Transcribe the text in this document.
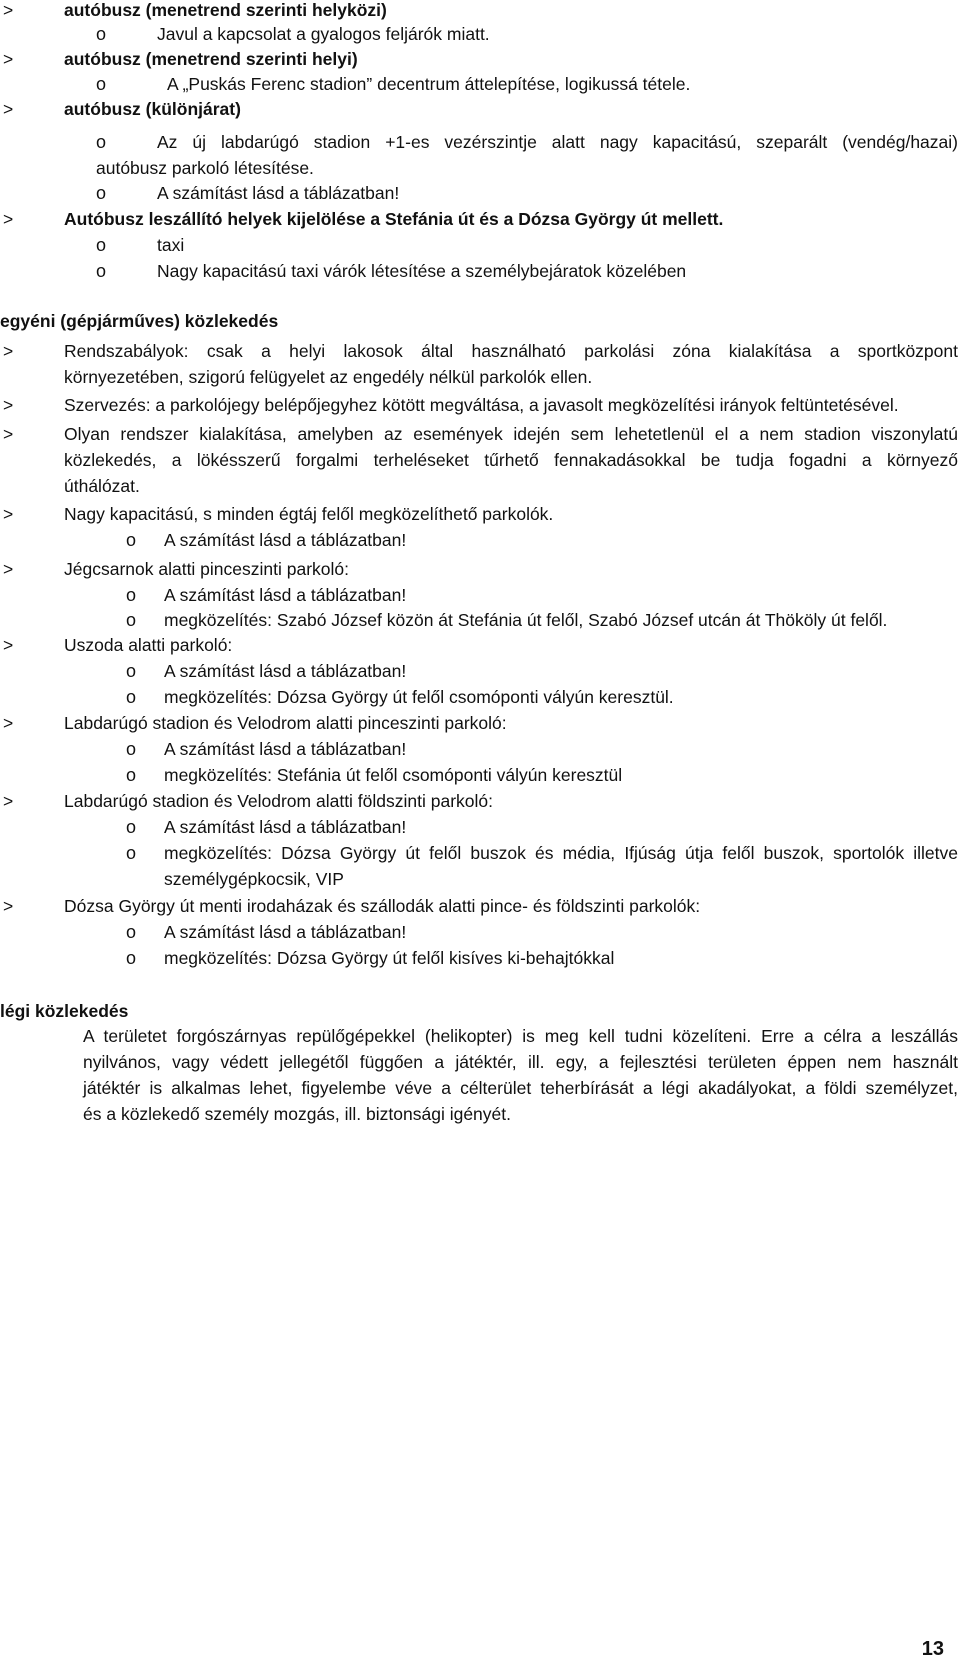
>	autóbusz (menetrend szerinti helyközi)
o	Javul a kapcsolat a gyalogos feljárók miatt.
>	autóbusz (menetrend szerinti helyi)
o	A „Puskás Ferenc stadion” decentrum áttelepítése, logikussá tétele.
>	autóbusz (különjárat)
o	Az új labdarúgó stadion +1-es vezérszintje alatt nagy kapacitású, szeparált (vendég/hazai)
autóbusz parkoló létesítése.
o	A számítást lásd a táblázatban!
>	Autóbusz leszállító helyek kijelölése a Stefánia út és a Dózsa György út mellett.
o	taxi
o	Nagy kapacitású taxi várók létesítése a személybejáratok közelében
egyéni (gépjárműves) közlekedés
>	Rendszabályok: csak a helyi lakosok által használható parkolási zóna kialakítása a sportközpont
környezetében, szigorú felügyelet az engedély nélkül parkolók ellen.
>	Szervezés: a parkolójegy belépőjegyhez kötött megváltása, a javasolt megközelítési irányok feltüntetésével.
>	Olyan rendszer kialakítása, amelyben az események idején sem lehetetlenül el a nem stadion viszonylatú
közlekedés, a lökésszerű forgalmi terheléseket tűrhető fennakadásokkal be tudja fogadni a környező
úthálózat.
>	Nagy kapacitású, s minden égtáj felől megközelíthető parkolók.
o A számítást lásd a táblázatban!
>	Jégcsarnok alatti pinceszinti parkoló:
o A számítást lásd a táblázatban!
o megközelítés: Szabó József közön át Stefánia út felől, Szabó József utcán át Thököly út felől.
>	Uszoda alatti parkoló:
o A számítást lásd a táblázatban!
o megközelítés: Dózsa György út felől csomóponti vályún keresztül.
>	Labdarúgó stadion és Velodrom alatti pinceszinti parkoló:
o A számítást lásd a táblázatban!
o megközelítés: Stefánia út felől csomóponti vályún keresztül
>	Labdarúgó stadion és Velodrom alatti földszinti parkoló:
o A számítást lásd a táblázatban!
o megközelítés: Dózsa György út felől buszok és média, Ifjúság útja felől buszok, sportolók illetve
személygépkocsik, VIP
>	Dózsa György út menti irodaházak és szállodák alatti pince- és földszinti parkolók:
o A számítást lásd a táblázatban!
o megközelítés: Dózsa György út felől kisíves ki-behajtókkal
légi közlekedés
A területet forgószárnyas repülőgépekkel (helikopter) is meg kell tudni közelíteni. Erre a célra a leszállás
nyilvános, vagy védett jellegétől függően a játéktér, ill. egy, a fejlesztési területen éppen nem használt
játéktér is alkalmas lehet, figyelembe véve a célterület teherbírását a légi akadályokat, a földi személyzet,
és a közlekedő személy mozgás, ill. biztonsági igényét.
13
